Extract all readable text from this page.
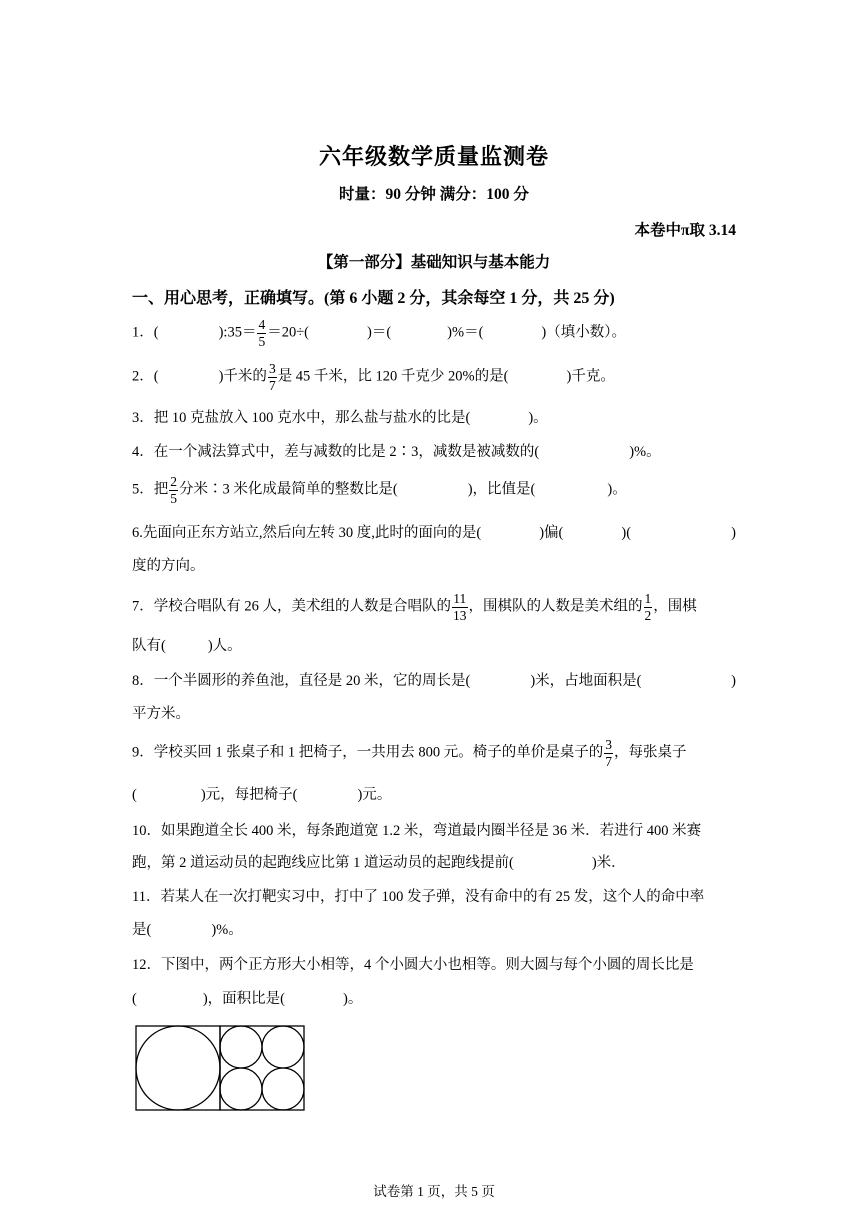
六年级数学质量监测卷
时量：90 分钟 满分：100 分
本卷中π取 3.14
【第一部分】基础知识与基本能力
一、用心思考，正确填写。(第 6 小题 2 分，其余每空 1 分，共 25 分)
1．(	):35＝ $\frac{4}{5} =20\div$(	)＝(	)%＝(	)（填小数）。
2．(	)千米的 $\frac{3}{7}$ 是 45 千米，比 120 千克少 20%的是(	)千克。
3．把 10 克盐放入 100 克水中，那么盐与盐水的比是(	)。
4．在一个减法算式中，差与减数的比是 2∶3，减数是被减数的(	)%。
5．把 $\frac{2}{5}$ 分米∶3 米化成最简单的整数比是(	)，比值是(	)。
6.先面向正东方站立,然后向左转 30 度,此时的面向的是(	)偏(	)(	)
度的方向。
7．学校合唱队有 26 人，美术组的人数是合唱队的 $\frac{11}{13}$ ，围棋队的人数是美术组的 $\frac{1}{2}$ ，围棋
队有(	)人。
8．一个半圆形的养鱼池，直径是 20 米，它的周长是(	)米，占地面积是(	)
平方米。
9．学校买回 1 张桌子和 1 把椅子，一共用去 800 元。椅子的单价是桌子的 $\frac{3}{7}$ ，每张桌子
(	)元，每把椅子(	)元。
10．如果跑道全长 400 米，每条跑道宽 1.2 米，弯道最内圈半径是 36 米．若进行 400 米赛
跑，第 2 道运动员的起跑线应比第 1 道运动员的起跑线提前(	)米．
11．若某人在一次打靶实习中，打中了 100 发子弹，没有命中的有 25 发，这个人的命中率
是(	)%。
12．下图中，两个正方形大小相等，4 个小圆大小也相等。则大圆与每个小圆的周长比是
(	)，面积比是(	)。
试卷第 1 页，共 5 页
